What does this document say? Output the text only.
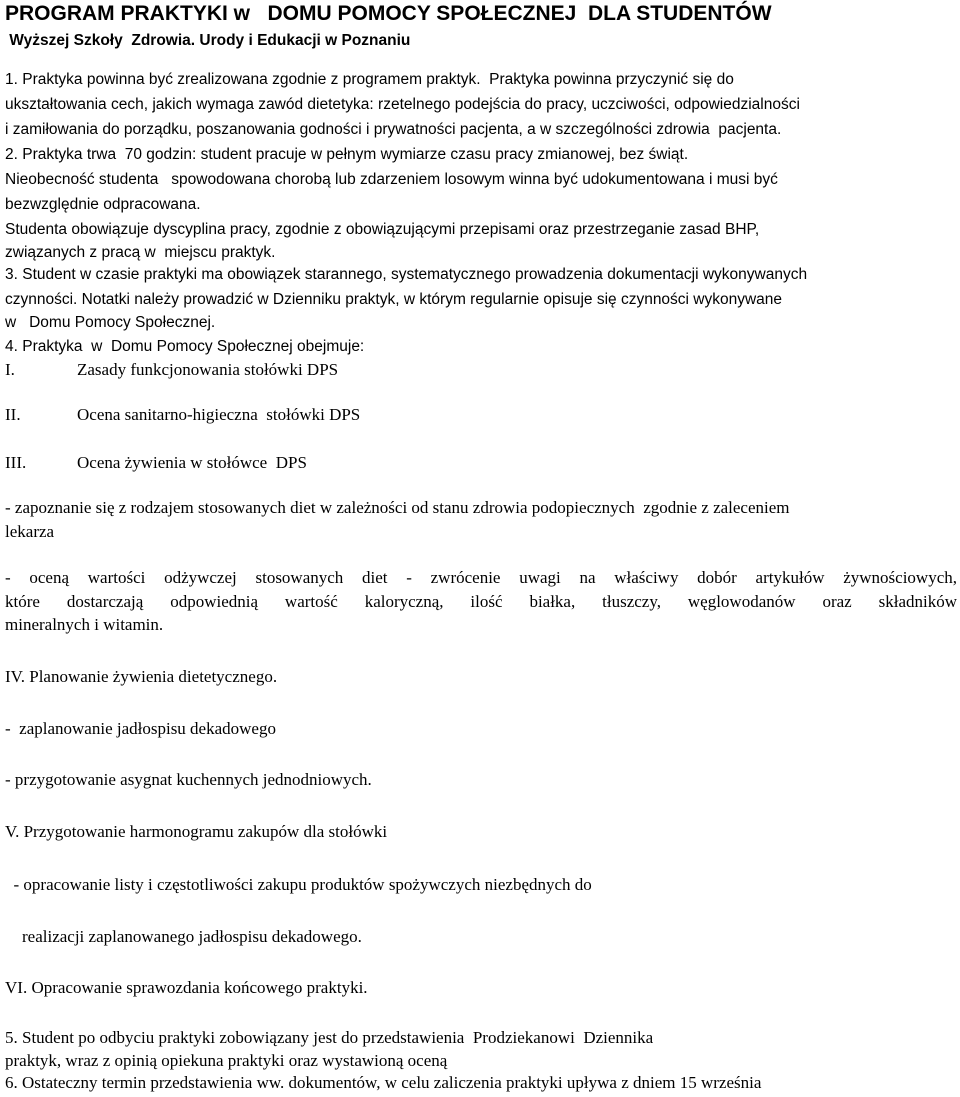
PROGRAM PRAKTYKI w   DOMU POMOCY SPOŁECZNEJ  DLA STUDENTÓW
Wyższej Szkoły  Zdrowia. Urody i Edukacji w Poznaniu
1. Praktyka powinna być zrealizowana zgodnie z programem praktyk.  Praktyka powinna przyczynić się do
ukształtowania cech, jakich wymaga zawód dietetyka: rzetelnego podejścia do pracy, uczciwości, odpowiedzialności
i zamiłowania do porządku, poszanowania godności i prywatności pacjenta, a w szczególności zdrowia  pacjenta.
2. Praktyka trwa  70 godzin: student pracuje w pełnym wymiarze czasu pracy zmianowej, bez świąt.
Nieobecność studenta   spowodowana chorobą lub zdarzeniem losowym winna być udokumentowana i musi być
bezwzględnie odpracowana.
Studenta obowiązuje dyscyplina pracy, zgodnie z obowiązującymi przepisami oraz przestrzeganie zasad BHP,
związanych z pracą w  miejscu praktyk.
3. Student w czasie praktyki ma obowiązek starannego, systematycznego prowadzenia dokumentacji wykonywanych
czynności. Notatki należy prowadzić w Dzienniku praktyk, w którym regularnie opisuje się czynności wykonywane
w   Domu Pomocy Społecznej.
4. Praktyka  w  Domu Pomocy Społecznej obejmuje:
I.	Zasady funkcjonowania stołówki DPS
II.	Ocena sanitarno-higieczna  stołówki DPS
III.	Ocena żywienia w stołówce  DPS
- zapoznanie się z rodzajem stosowanych diet w zależności od stanu zdrowia podopiecznych  zgodnie z zaleceniem
lekarza
- oceną wartości odżywczej stosowanych diet - zwrócenie uwagi na właściwy dobór artykułów żywnościowych,
które dostarczają odpowiednią wartość kaloryczną, ilość białka, tłuszczy, węglowodanów oraz składników
mineralnych i witamin.
IV. Planowanie żywienia dietetycznego.
-  zaplanowanie jadłospisu dekadowego
- przygotowanie asygnat kuchennych jednodniowych.
V. Przygotowanie harmonogramu zakupów dla stołówki
- opracowanie listy i częstotliwości zakupu produktów spożywczych niezbędnych do
realizacji zaplanowanego jadłospisu dekadowego.
VI. Opracowanie sprawozdania końcowego praktyki.
5. Student po odbyciu praktyki zobowiązany jest do przedstawienia  Prodziekanowi  Dziennika
praktyk, wraz z opinią opiekuna praktyki oraz wystawioną oceną
6. Ostateczny termin przedstawienia ww. dokumentów, w celu zaliczenia praktyki upływa z dniem 15 września
